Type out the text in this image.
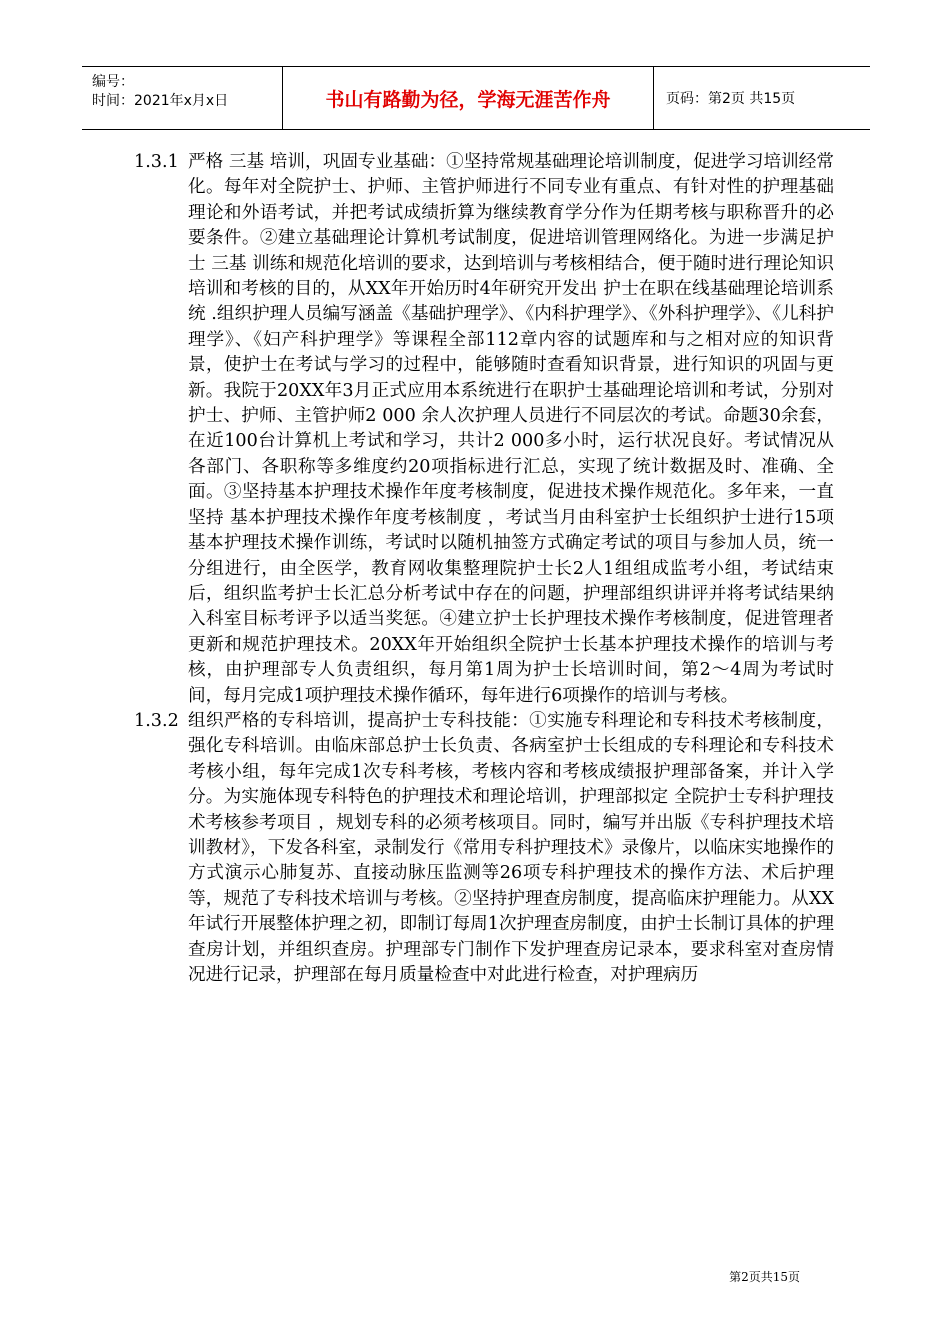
编号：
时间：2021年x月x日	书山有路勤为径，学海无涯苦作舟	页码：第2页 共15页

1.3.1 严格 三基 培训，巩固专业基础：①坚持常规基础理论培训制度，促进学习培训经常化。每年对全院护士、护师、主管护师进行不同专业有重点、有针对性的护理基础理论和外语考试，并把考试成绩折算为继续教育学分作为任期考核与职称晋升的必要条件。②建立基础理论计算机考试制度，促进培训管理网络化。为进一步满足护士 三基 训练和规范化培训的要求，达到培训与考核相结合，便于随时进行理论知识培训和考核的目的，从XX年开始历时4年研究开发出 护士在职在线基础理论培训系统 .组织护理人员编写涵盖《基础护理学》、《内科护理学》、《外科护理学》、《儿科护理学》、《妇产科护理学》等课程全部112章内容的试题库和与之相对应的知识背景，使护士在考试与学习的过程中，能够随时查看知识背景，进行知识的巩固与更新。我院于20XX年3月正式应用本系统进行在职护士基础理论培训和考试，分别对护士、护师、主管护师2 000 余人次护理人员进行不同层次的考试。命题30余套，在近100台计算机上考试和学习，共计2 000多小时，运行状况良好。考试情况从各部门、各职称等多维度约20项指标进行汇总，实现了统计数据及时、准确、全面。③坚持基本护理技术操作年度考核制度，促进技术操作规范化。多年来，一直坚持 基本护理技术操作年度考核制度 ，考试当月由科室护士长组织护士进行15项基本护理技术操作训练，考试时以随机抽签方式确定考试的项目与参加人员，统一分组进行，由全医学，教育网收集整理院护士长2人1组组成监考小组，考试结束后，组织监考护士长汇总分析考试中存在的问题，护理部组织讲评并将考试结果纳入科室目标考评予以适当奖惩。④建立护士长护理技术操作考核制度，促进管理者更新和规范护理技术。20XX年开始组织全院护士长基本护理技术操作的培训与考核，由护理部专人负责组织，每月第1周为护士长培训时间，第2～4周为考试时间，每月完成1项护理技术操作循环，每年进行6项操作的培训与考核。

1.3.2 组织严格的专科培训，提高护士专科技能：①实施专科理论和专科技术考核制度，强化专科培训。由临床部总护士长负责、各病室护士长组成的专科理论和专科技术考核小组，每年完成1次专科考核，考核内容和考核成绩报护理部备案，并计入学分。为实施体现专科特色的护理技术和理论培训，护理部拟定 全院护士专科护理技术考核参考项目 ，规划专科的必须考核项目。同时，编写并出版《专科护理技术培训教材》，下发各科室，录制发行《常用专科护理技术》录像片，以临床实地操作的方式演示心肺复苏、直接动脉压监测等26项专科护理技术的操作方法、术后护理等，规范了专科技术培训与考核。②坚持护理查房制度，提高临床护理能力。从XX年试行开展整体护理之初，即制订每周1次护理查房制度，由护士长制订具体的护理查房计划，并组织查房。护理部专门制作下发护理查房记录本，要求科室对查房情况进行记录，护理部在每月质量检查中对此进行检查，对护理病历

第2页共15页
